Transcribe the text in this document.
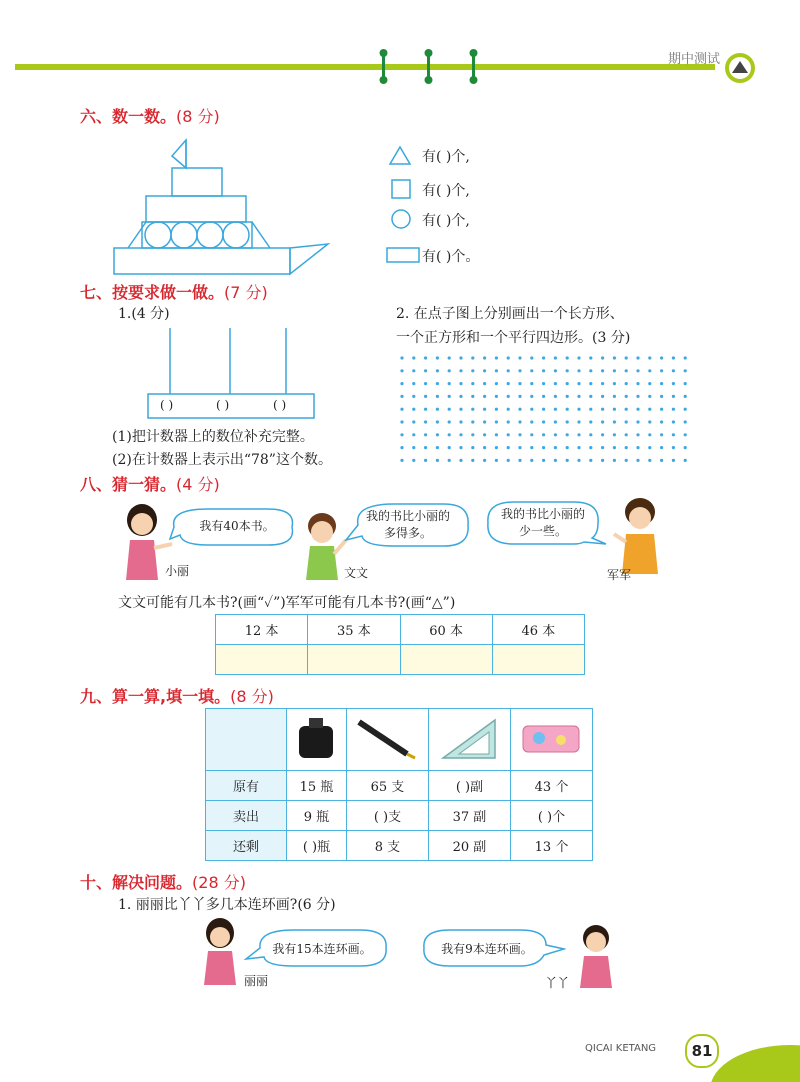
期中测试
六、数一数。(8 分)
有( )个,
有( )个,
有( )个,
有( )个。
七、按要求做一做。(7 分)
1.(4 分)
( )	( )	( )
(1)把计数器上的数位补充完整。
(2)在计数器上表示出“78”这个数。
2. 在点子图上分别画出一个长方形、
一个正方形和一个平行四边形。(3 分)
八、猜一猜。(4 分)
小丽
我有40本书。
文文
我的书比小丽的多得多。
我的书比小丽的少一些。
军军
文文可能有几本书?(画“✓”)军军可能有几本书?(画“△”)
12 本	35 本	60 本	46 本

九、算一算,填一填。(8 分)

原有	15 瓶	65 支	( )副	43 个
卖出	9 瓶	( )支	37 副	( )个
还剩	( )瓶	8 支	20 副	13 个
十、解决问题。(28 分)
1. 丽丽比丫丫多几本连环画?(6 分)
丽丽
我有15本连环画。	我有9本连环画。
丫丫
QICAI KETANG	81
